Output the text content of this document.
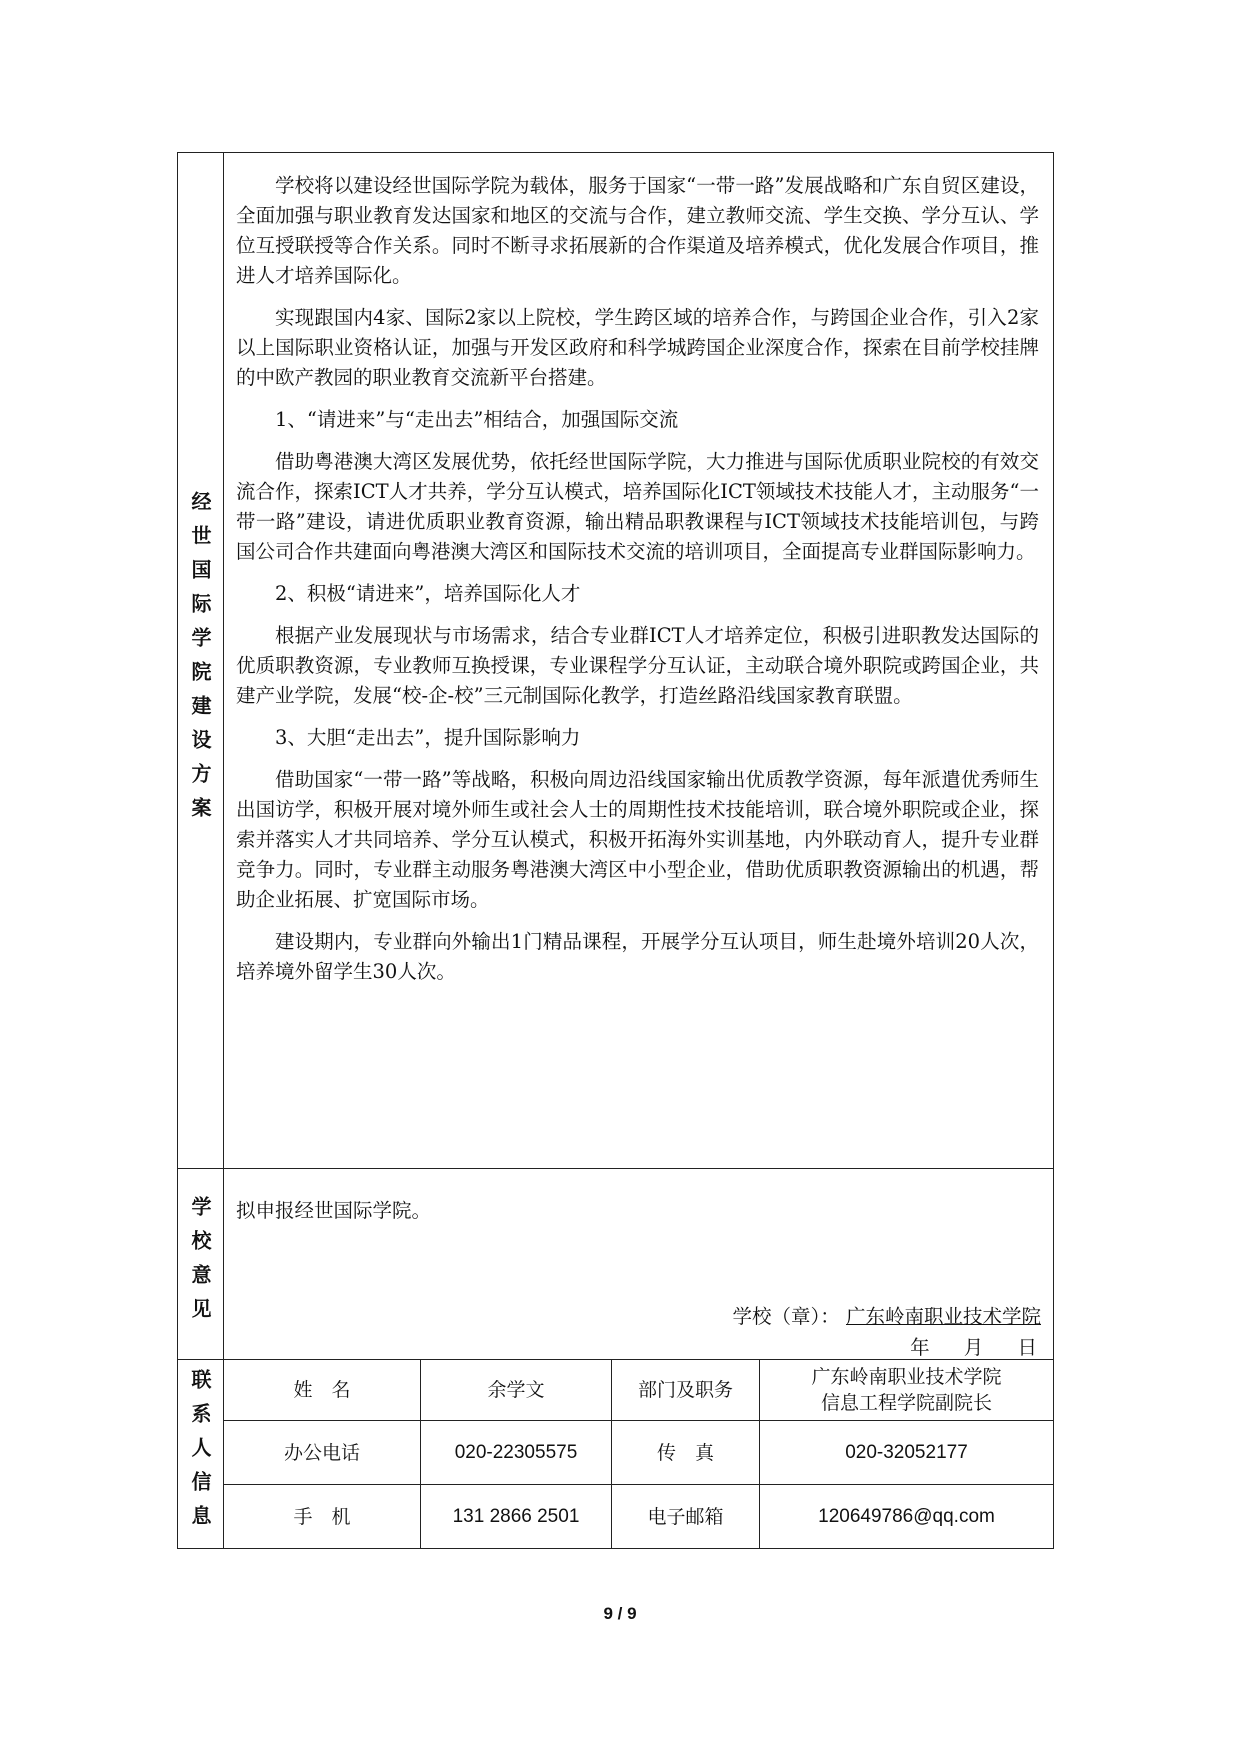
经世国际学院建设方案

学校将以建设经世国际学院为载体，服务于国家“一带一路”发展战略和广东自贸区建设，全面加强与职业教育发达国家和地区的交流与合作，建立教师交流、学生交换、学分互认、学位互授联授等合作关系。同时不断寻求拓展新的合作渠道及培养模式，优化发展合作项目，推进人才培养国际化。

实现跟国内4家、国际2家以上院校，学生跨区域的培养合作，与跨国企业合作，引入2家以上国际职业资格认证，加强与开发区政府和科学城跨国企业深度合作，探索在目前学校挂牌的中欧产教园的职业教育交流新平台搭建。

1、“请进来”与“走出去”相结合，加强国际交流

借助粤港澳大湾区发展优势，依托经世国际学院，大力推进与国际优质职业院校的有效交流合作，探索ICT人才共养，学分互认模式，培养国际化ICT领域技术技能人才，主动服务“一带一路”建设，请进优质职业教育资源，输出精品职教课程与ICT领域技术技能培训包，与跨国公司合作共建面向粤港澳大湾区和国际技术交流的培训项目，全面提高专业群国际影响力。

2、积极“请进来”，培养国际化人才

根据产业发展现状与市场需求，结合专业群ICT人才培养定位，积极引进职教发达国际的优质职教资源，专业教师互换授课，专业课程学分互认证，主动联合境外职院或跨国企业，共建产业学院，发展“校-企-校”三元制国际化教学，打造丝路沿线国家教育联盟。

3、大胆“走出去”，提升国际影响力

借助国家“一带一路”等战略，积极向周边沿线国家输出优质教学资源，每年派遣优秀师生出国访学，积极开展对境外师生或社会人士的周期性技术技能培训，联合境外职院或企业，探索并落实人才共同培养、学分互认模式，积极开拓海外实训基地，内外联动育人，提升专业群竞争力。同时，专业群主动服务粤港澳大湾区中小型企业，借助优质职教资源输出的机遇，帮助企业拓展、扩宽国际市场。

建设期内，专业群向外输出1门精品课程，开展学分互认项目，师生赴境外培训20人次，培养境外留学生30人次。

学校意见 拟申报经世国际学院。
学校（章）： 广东岭南职业技术学院
年 月 日
联系人信息	姓　名	余学文	部门及职务
广东岭南职业技术学院
信息工程学院副院长
办公电话	020-22305575	传　真	020-32052177
手　机	131 2866 2501	电子邮箱	120649786@qq.com
9 / 9
